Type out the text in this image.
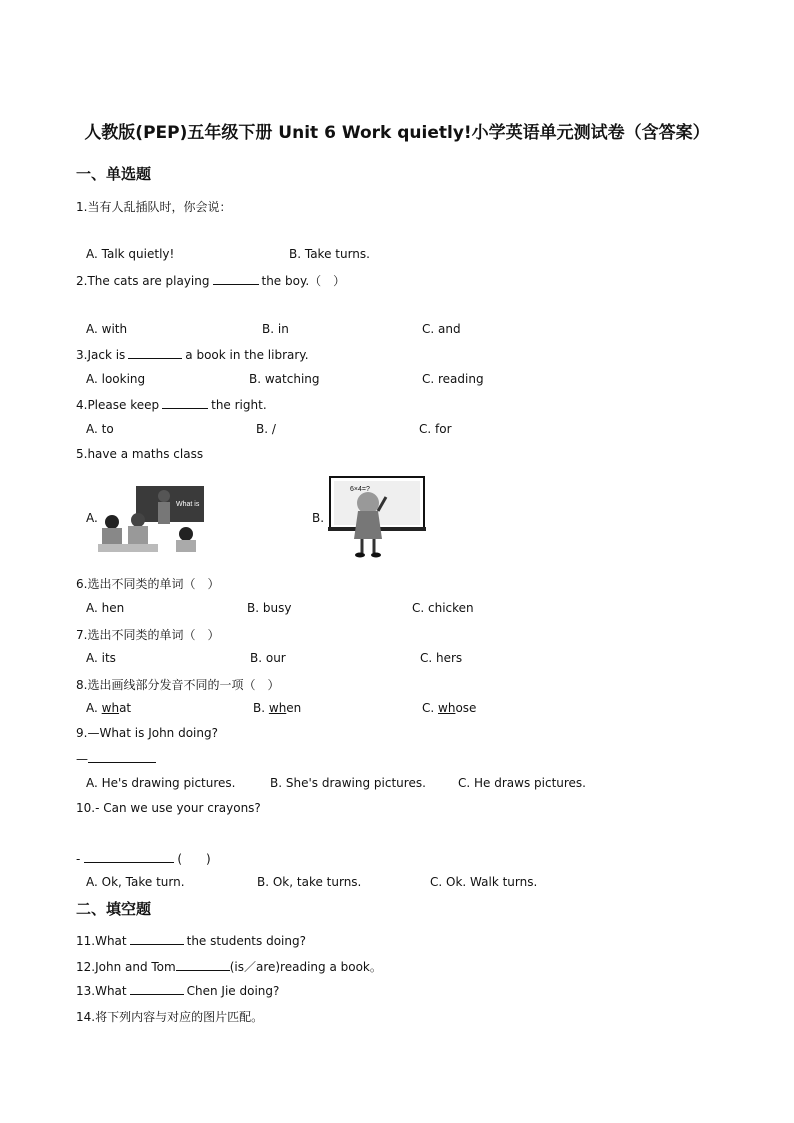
人教版(PEP)五年级下册 Unit 6 Work quietly!小学英语单元测试卷（含答案）
一、单选题
1.当有人乱插队时，你会说：
A. Talk quietly!	B. Take turns.
2.The cats are playing	the boy.（　）
A. with	B. in	C. and
3.Jack is	a book in the library.
A. looking	B. watching	C. reading
4.Please keep	the right.
A. to	B. /	C. for
5.have a maths class
A.
What is
B.
6×4=?
6.选出不同类的单词（　）
A. hen	B. busy	C. chicken
7.选出不同类的单词（　）
A. its	B. our	C. hers
8.选出画线部分发音不同的一项（　）
A. what	B. when	C. whose
9.—What is John doing?
—
A. He's drawing pictures.	B. She's drawing pictures.	C. He draws pictures.
10.- Can we use your crayons?
-	(　　)
A. Ok, Take turn.	B. Ok, take turns.	C. Ok. Walk turns.
二、填空题
11.What	the students doing?
12.John and Tom	(is／are)reading a book。
13.What	Chen Jie doing?
14.将下列内容与对应的图片匹配。
